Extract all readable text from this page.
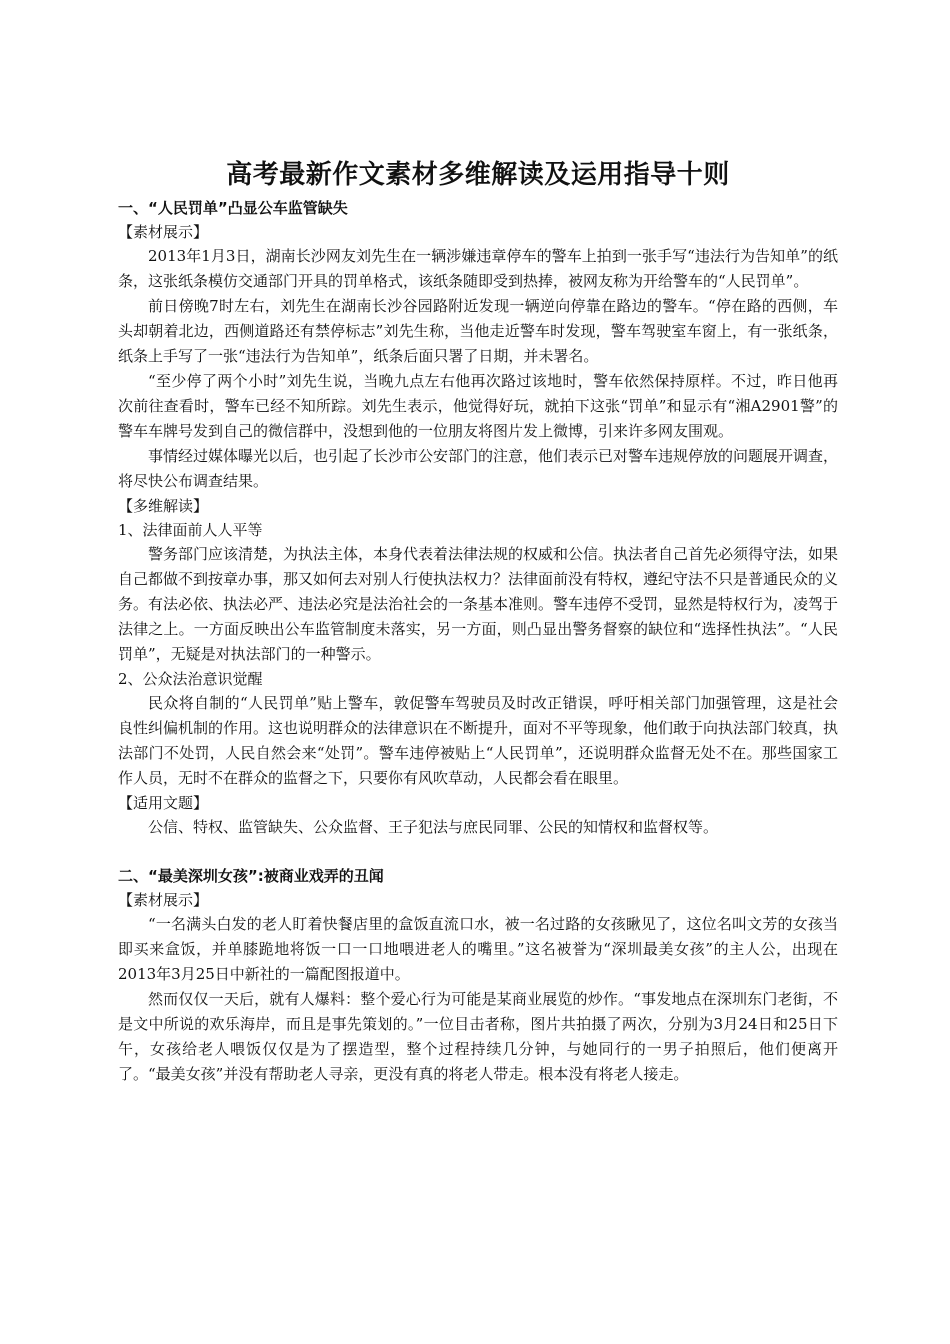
高考最新作文素材多维解读及运用指导十则

一、“人民罚单”凸显公车监管缺失

【素材展示】

2013年1月3日，湖南长沙网友刘先生在一辆涉嫌违章停车的警车上拍到一张手写“违法行为告知单”的纸条，这张纸条模仿交通部门开具的罚单格式，该纸条随即受到热捧，被网友称为开给警车的“人民罚单”。

前日傍晚7时左右，刘先生在湖南长沙谷园路附近发现一辆逆向停靠在路边的警车。“停在路的西侧，车头却朝着北边，西侧道路还有禁停标志”刘先生称，当他走近警车时发现，警车驾驶室车窗上，有一张纸条，纸条上手写了一张“违法行为告知单”，纸条后面只署了日期，并未署名。

“至少停了两个小时”刘先生说，当晚九点左右他再次路过该地时，警车依然保持原样。不过，昨日他再次前往查看时，警车已经不知所踪。刘先生表示，他觉得好玩，就拍下这张“罚单”和显示有“湘A2901警”的警车车牌号发到自己的微信群中，没想到他的一位朋友将图片发上微博，引来许多网友围观。

事情经过媒体曝光以后，也引起了长沙市公安部门的注意，他们表示已对警车违规停放的问题展开调查，将尽快公布调查结果。

【多维解读】

1、法律面前人人平等

警务部门应该清楚，为执法主体，本身代表着法律法规的权威和公信。执法者自己首先必须得守法，如果自己都做不到按章办事，那又如何去对别人行使执法权力？法律面前没有特权，遵纪守法不只是普通民众的义务。有法必依、执法必严、违法必究是法治社会的一条基本准则。警车违停不受罚，显然是特权行为，凌驾于法律之上。一方面反映出公车监管制度未落实，另一方面，则凸显出警务督察的缺位和“选择性执法”。“人民罚单”，无疑是对执法部门的一种警示。

2、公众法治意识觉醒

民众将自制的“人民罚单”贴上警车，敦促警车驾驶员及时改正错误，呼吁相关部门加强管理，这是社会良性纠偏机制的作用。这也说明群众的法律意识在不断提升，面对不平等现象，他们敢于向执法部门较真，执法部门不处罚，人民自然会来“处罚”。警车违停被贴上“人民罚单”，还说明群众监督无处不在。那些国家工作人员，无时不在群众的监督之下，只要你有风吹草动，人民都会看在眼里。

【适用文题】

公信、特权、监管缺失、公众监督、王子犯法与庶民同罪、公民的知情权和监督权等。

二、“最美深圳女孩”:被商业戏弄的丑闻

【素材展示】

“一名满头白发的老人盯着快餐店里的盒饭直流口水，被一名过路的女孩瞅见了，这位名叫文芳的女孩当即买来盒饭，并单膝跪地将饭一口一口地喂进老人的嘴里。”这名被誉为“深圳最美女孩”的主人公，出现在2013年3月25日中新社的一篇配图报道中。

然而仅仅一天后，就有人爆料：整个爱心行为可能是某商业展览的炒作。“事发地点在深圳东门老街，不是文中所说的欢乐海岸，而且是事先策划的。”一位目击者称，图片共拍摄了两次，分别为3月24日和25日下午，女孩给老人喂饭仅仅是为了摆造型，整个过程持续几分钟，与她同行的一男子拍照后，他们便离开了。“最美女孩”并没有帮助老人寻亲，更没有真的将老人带走。根本没有将老人接走。
